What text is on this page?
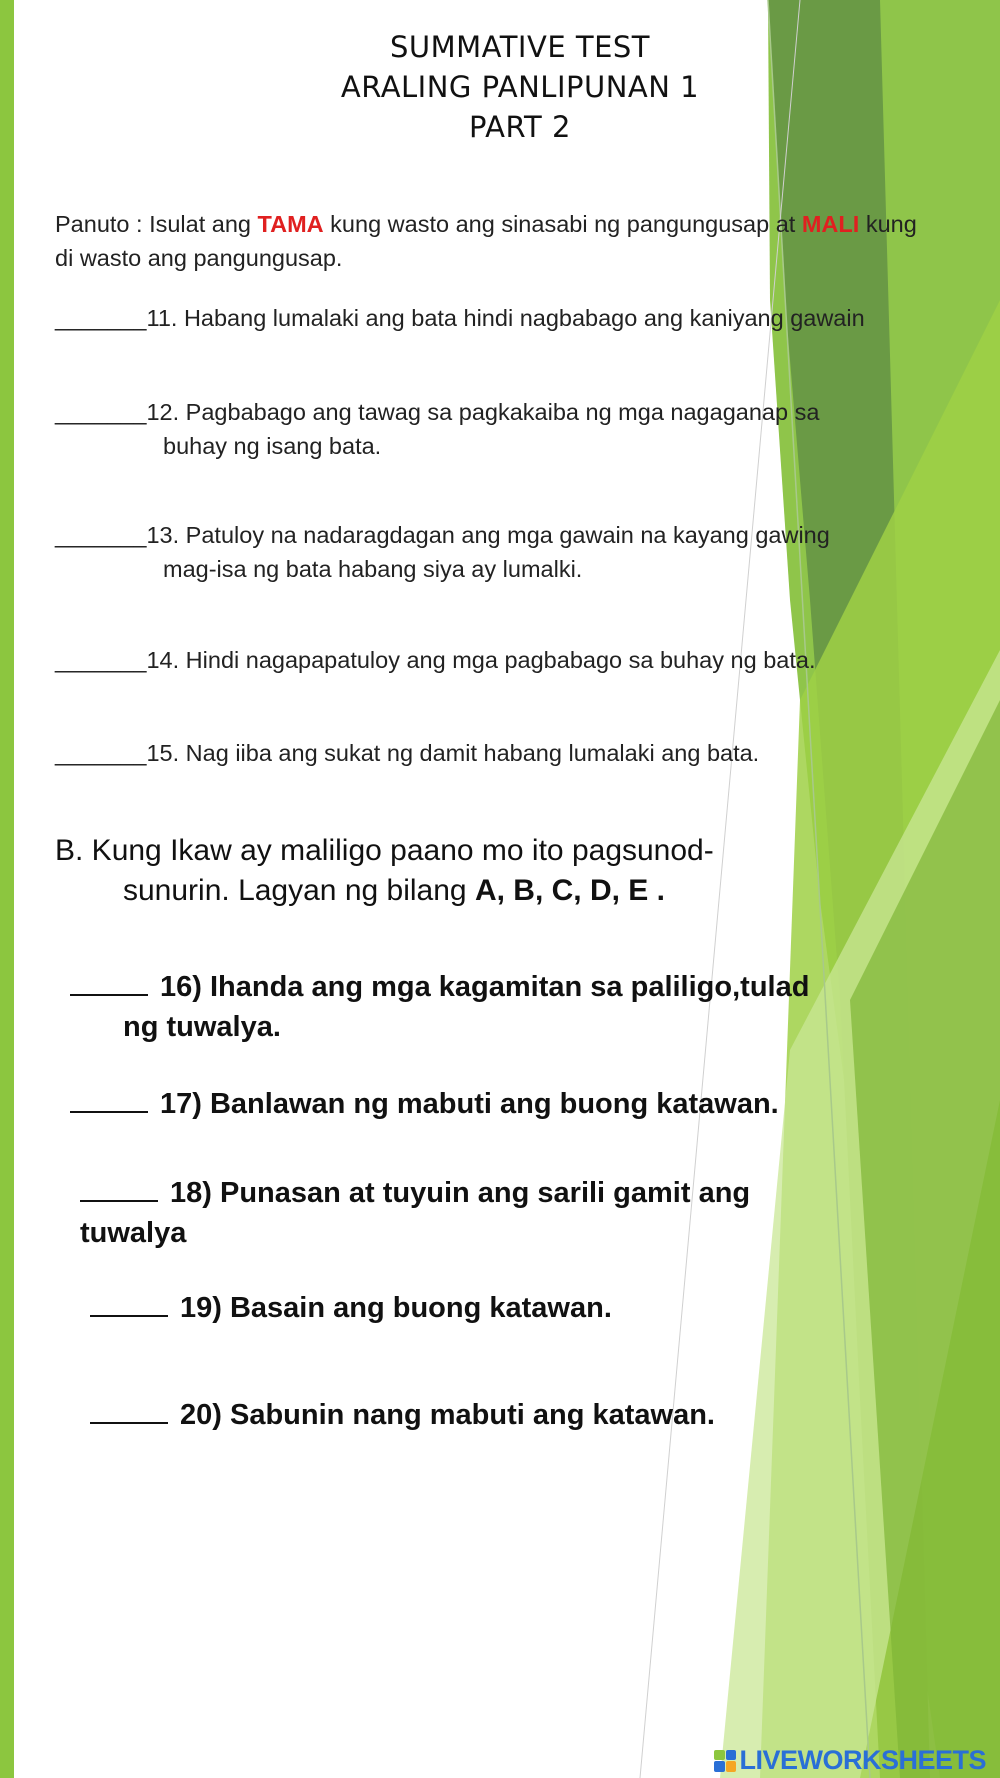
SUMMATIVE TEST
ARALING PANLIPUNAN 1
PART 2
Panuto : Isulat ang TAMA kung wasto ang sinasabi ng pangungusap at MALI kung di wasto ang pangungusap.
_______11. Habang lumalaki ang bata hindi nagbabago ang kaniyang gawain
_______12. Pagbabago ang tawag sa pagkakaiba ng mga nagaganap sa
buhay ng isang bata.
_______13. Patuloy na nadaragdagan ang mga gawain na kayang gawing
mag-isa ng bata habang siya ay lumalki.
_______14. Hindi nagapapatuloy ang mga pagbabago sa buhay ng bata.
_______15. Nag iiba ang sukat ng damit habang lumalaki ang bata.
B. Kung Ikaw ay maliligo paano mo ito pagsunod-
sunurin. Lagyan ng bilang A, B, C, D, E .
16) Ihanda ang mga kagamitan sa paliligo,tulad
ng tuwalya.
17) Banlawan ng mabuti ang buong katawan.
18) Punasan at tuyuin ang sarili gamit ang
tuwalya
19) Basain ang buong katawan.
20) Sabunin nang mabuti ang katawan.
LIVEWORKSHEETS
